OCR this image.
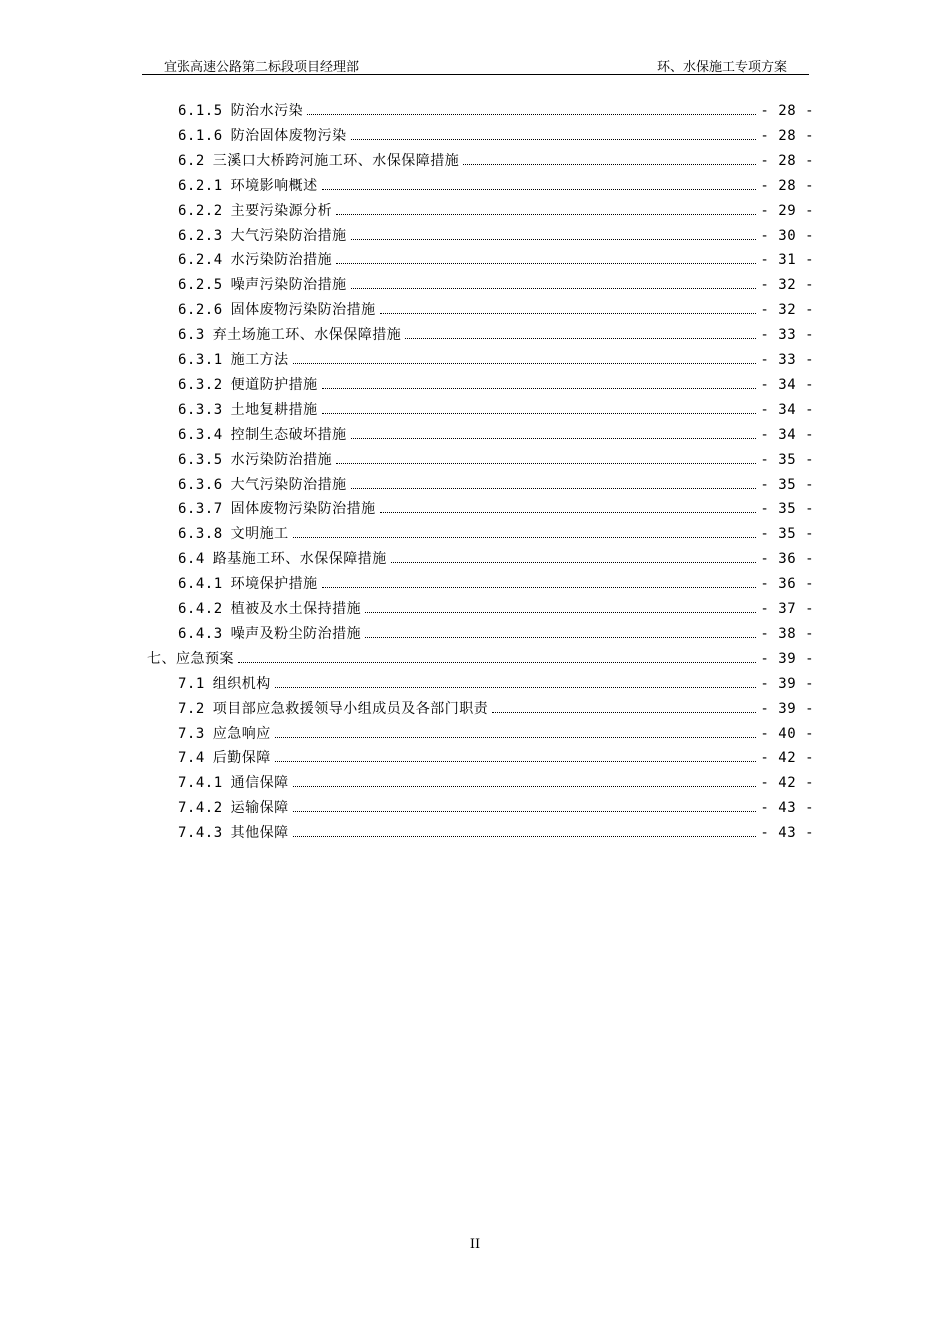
宜张高速公路第二标段项目经理部	环、水保施工专项方案
6.1.5 防治水污染	- 28 -
6.1.6 防治固体废物污染	- 28 -
6.2 三溪口大桥跨河施工环、水保保障措施	- 28 -
6.2.1 环境影响概述	- 28 -
6.2.2 主要污染源分析	- 29 -
6.2.3 大气污染防治措施	- 30 -
6.2.4 水污染防治措施	- 31 -
6.2.5 噪声污染防治措施	- 32 -
6.2.6 固体废物污染防治措施	- 32 -
6.3 弃土场施工环、水保保障措施	- 33 -
6.3.1 施工方法	- 33 -
6.3.2 便道防护措施	- 34 -
6.3.3 土地复耕措施	- 34 -
6.3.4 控制生态破坏措施	- 34 -
6.3.5 水污染防治措施	- 35 -
6.3.6 大气污染防治措施	- 35 -
6.3.7 固体废物污染防治措施	- 35 -
6.3.8 文明施工	- 35 -
6.4 路基施工环、水保保障措施	- 36 -
6.4.1 环境保护措施	- 36 -
6.4.2 植被及水土保持措施	- 37 -
6.4.3 噪声及粉尘防治措施	- 38 -
七、应急预案	- 39 -
7.1 组织机构	- 39 -
7.2 项目部应急救援领导小组成员及各部门职责	- 39 -
7.3 应急响应	- 40 -
7.4 后勤保障	- 42 -
7.4.1 通信保障	- 42 -
7.4.2 运输保障	- 43 -
7.4.3 其他保障	- 43 -
II
